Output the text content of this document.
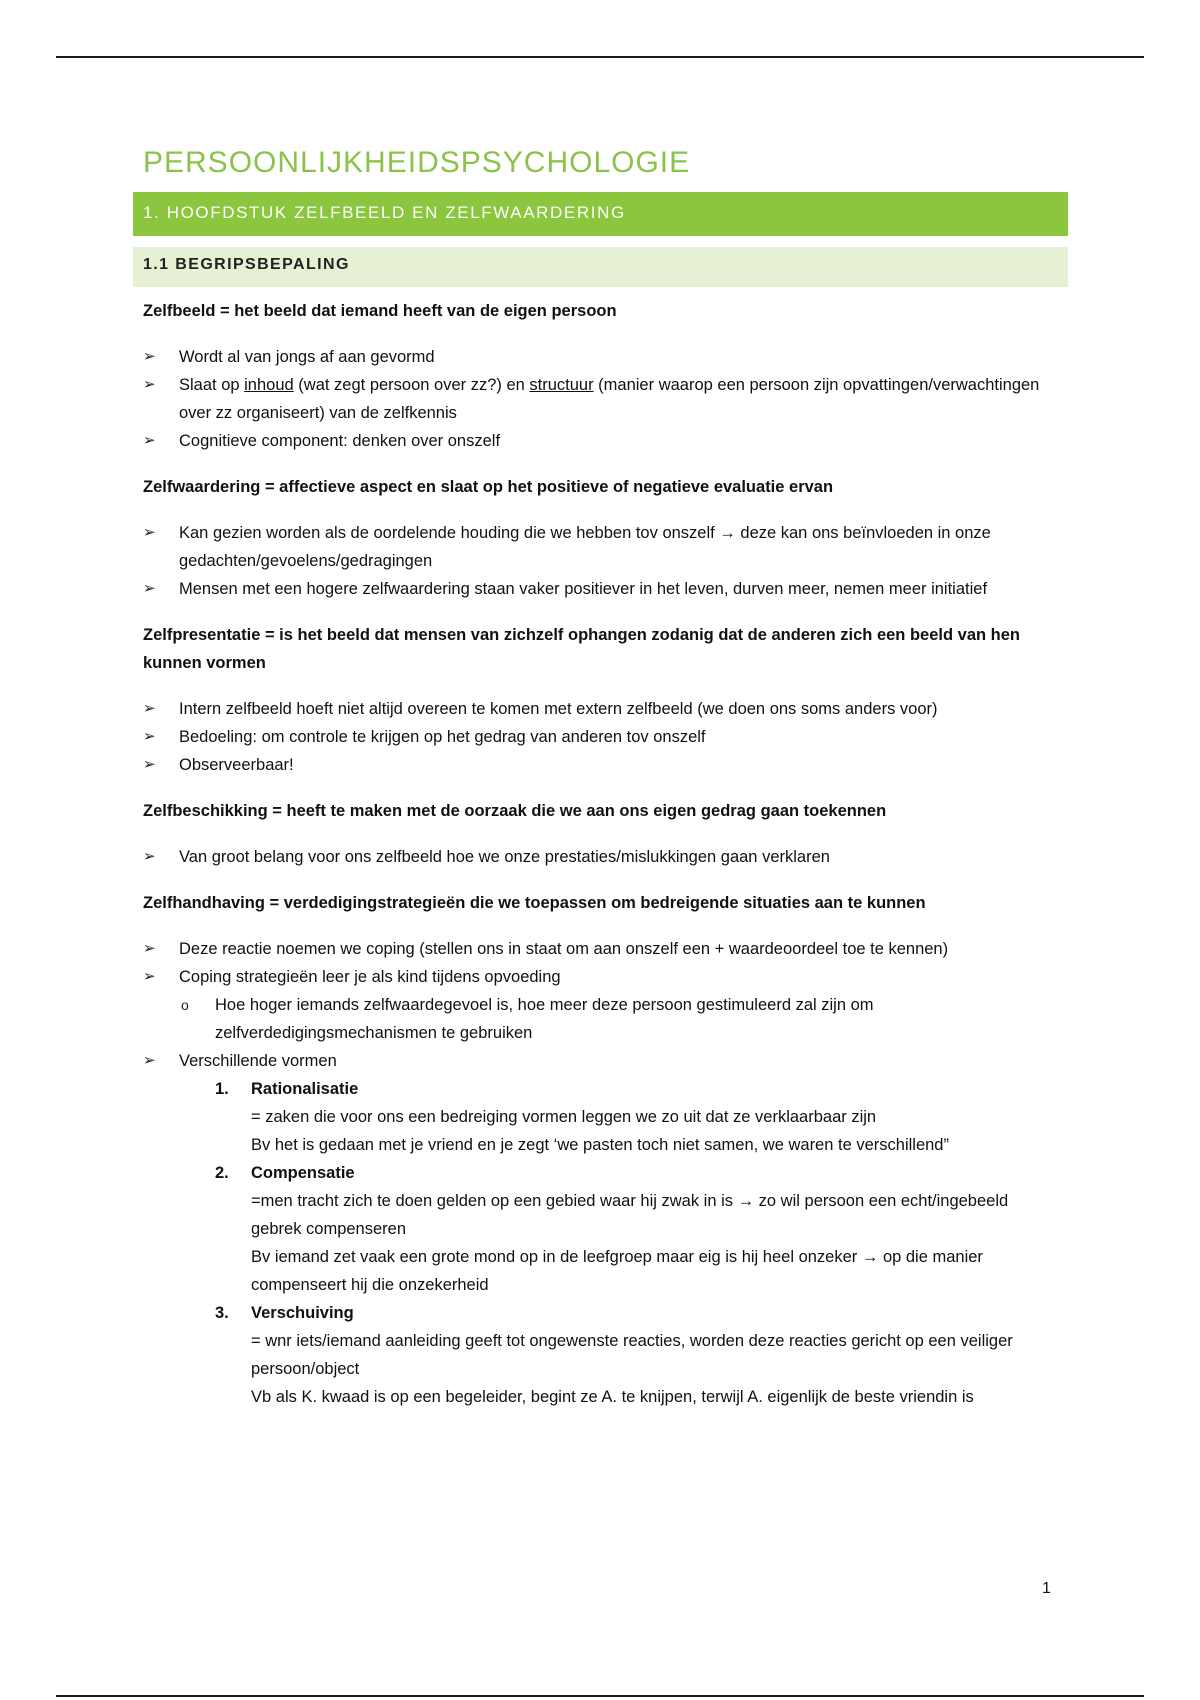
PERSOONLIJKHEIDSPSYCHOLOGIE
1. HOOFDSTUK ZELFBEELD EN ZELFWAARDERING
1.1 BEGRIPSBEPALING
Zelfbeeld = het beeld dat iemand heeft van de eigen persoon
➢ Wordt al van jongs af aan gevormd
➢ Slaat op inhoud (wat zegt persoon over zz?) en structuur (manier waarop een persoon zijn opvattingen/verwachtingen over zz organiseert) van de zelfkennis
➢ Cognitieve component: denken over onszelf
Zelfwaardering = affectieve aspect en slaat op het positieve of negatieve evaluatie ervan
➢ Kan gezien worden als de oordelende houding die we hebben tov onszelf → deze kan ons beïnvloeden in onze gedachten/gevoelens/gedragingen
➢ Mensen met een hogere zelfwaardering staan vaker positiever in het leven, durven meer, nemen meer initiatief
Zelfpresentatie = is het beeld dat mensen van zichzelf ophangen zodanig dat de anderen zich een beeld van hen kunnen vormen
➢ Intern zelfbeeld hoeft niet altijd overeen te komen met extern zelfbeeld (we doen ons soms anders voor)
➢ Bedoeling: om controle te krijgen op het gedrag van anderen tov onszelf
➢ Observeerbaar!
Zelfbeschikking = heeft te maken met de oorzaak die we aan ons eigen gedrag gaan toekennen
➢ Van groot belang voor ons zelfbeeld hoe we onze prestaties/mislukkingen gaan verklaren
Zelfhandhaving = verdedigingstrategieën die we toepassen om bedreigende situaties aan te kunnen
➢ Deze reactie noemen we coping (stellen ons in staat om aan onszelf een + waardeoordeel toe te kennen)
➢ Coping strategieën leer je als kind tijdens opvoeding
o Hoe hoger iemands zelfwaardegevoel is, hoe meer deze persoon gestimuleerd zal zijn om zelfverdedigingsmechanismen te gebruiken
➢ Verschillende vormen
1. Rationalisatie
= zaken die voor ons een bedreiging vormen leggen we zo uit dat ze verklaarbaar zijn
Bv het is gedaan met je vriend en je zegt ‘we pasten toch niet samen, we waren te verschillend”
2. Compensatie
=men tracht zich te doen gelden op een gebied waar hij zwak in is → zo wil persoon een echt/ingebeeld gebrek compenseren
Bv iemand zet vaak een grote mond op in de leefgroep maar eig is hij heel onzeker → op die manier compenseert hij die onzekerheid
3. Verschuiving
= wnr iets/iemand aanleiding geeft tot ongewenste reacties, worden deze reacties gericht op een veiliger persoon/object
Vb als K. kwaad is op een begeleider, begint ze A. te knijpen, terwijl A. eigenlijk de beste vriendin is
1
